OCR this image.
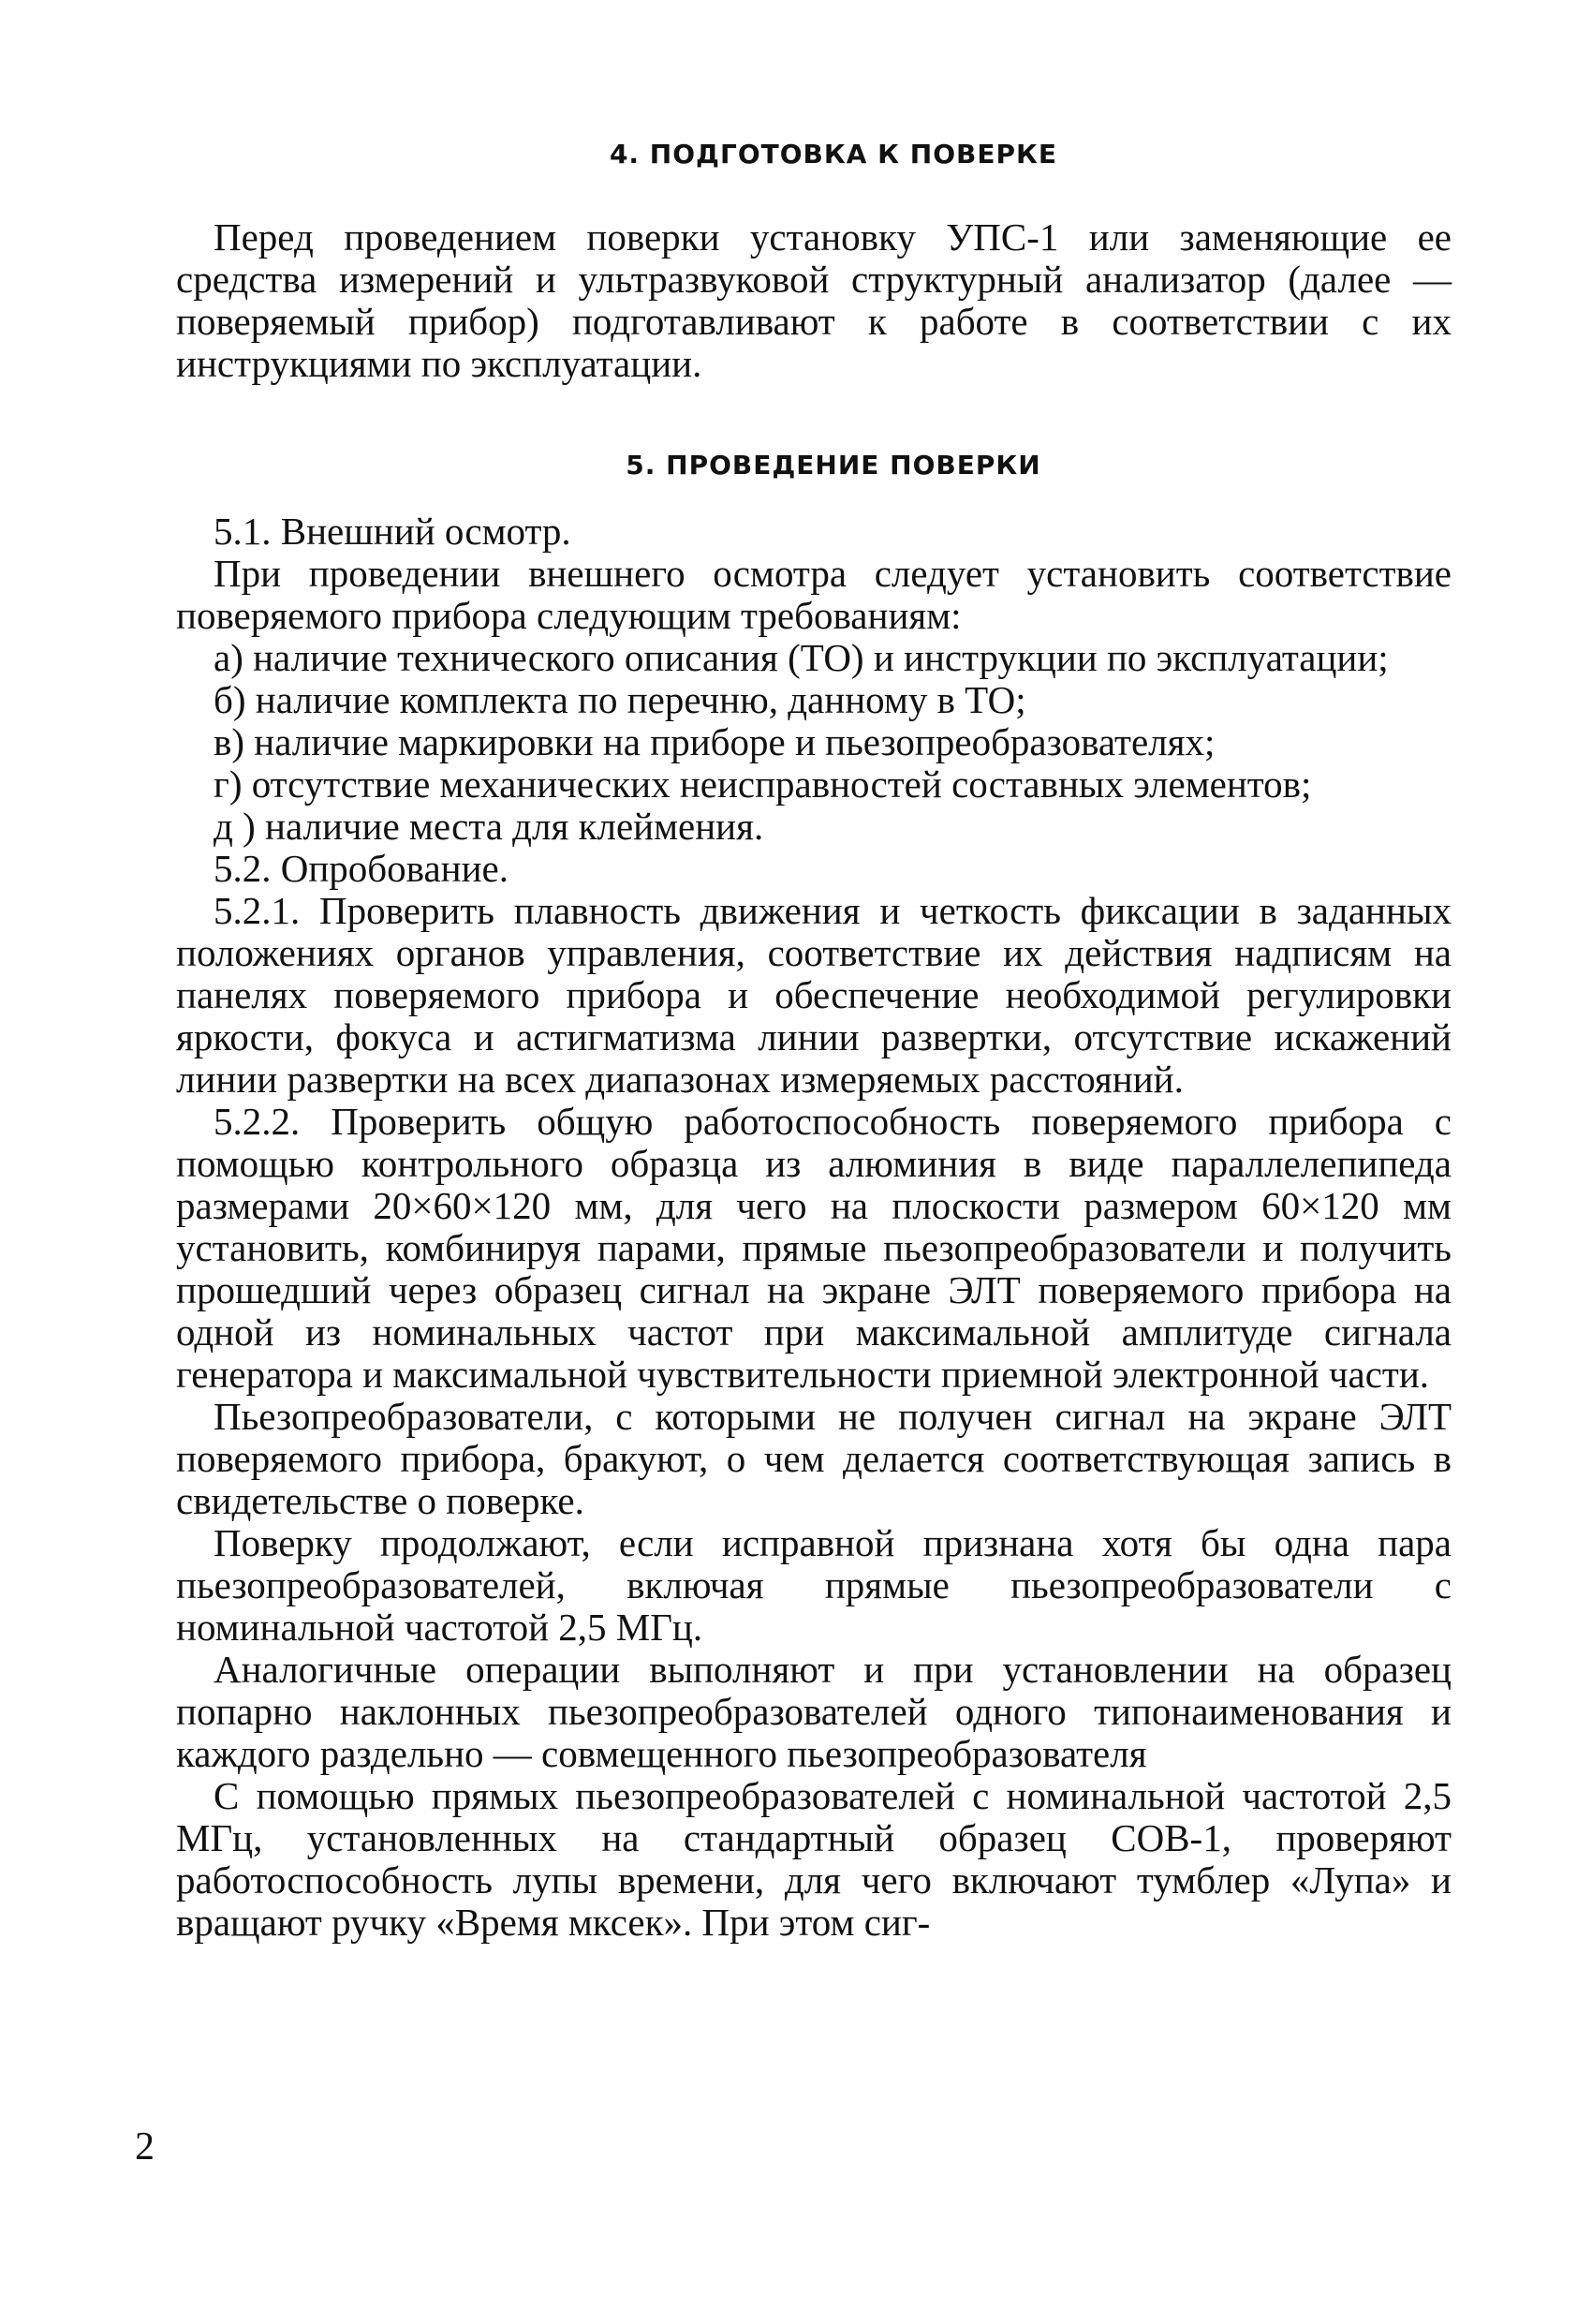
4. ПОДГОТОВКА К ПОВЕРКЕ

Перед проведением поверки установку УПС-1 или заменяющие ее средства измерений и ультразвуковой структурный анализатор (далее — поверяемый прибор) подготавливают к работе в соответствии с их инструкциями по эксплуатации.

5. ПРОВЕДЕНИЕ ПОВЕРКИ

5.1. Внешний осмотр.

При проведении внешнего осмотра следует установить соответствие поверяемого прибора следующим требованиям:

а) наличие технического описания (ТО) и инструкции по эксплуатации;

б) наличие комплекта по перечню, данному в ТО;

в) наличие маркировки на приборе и пьезопреобразователях;

г) отсутствие механических неисправностей составных элементов;

д ) наличие места для клеймения.

5.2. Опробование.

5.2.1. Проверить плавность движения и четкость фиксации в заданных положениях органов управления, соответствие их действия надписям на панелях поверяемого прибора и обеспечение необходимой регулировки яркости, фокуса и астигматизма линии развертки, отсутствие искажений линии развертки на всех диапазонах измеряемых расстояний.

5.2.2. Проверить общую работоспособность поверяемого прибора с помощью контрольного образца из алюминия в виде параллелепипеда размерами 20×60×120 мм, для чего на плоскости размером 60×120 мм установить, комбинируя парами, прямые пьезопреобразователи и получить прошедший через образец сигнал на экране ЭЛТ поверяемого прибора на одной из номинальных частот при максимальной амплитуде сигнала генератора и максимальной чувствительности приемной электронной части.

Пьезопреобразователи, с которыми не получен сигнал на экране ЭЛТ поверяемого прибора, бракуют, о чем делается соответствующая запись в свидетельстве о поверке.

Поверку продолжают, если исправной признана хотя бы одна пара пьезопреобразователей, включая прямые пьезопреобразователи с номинальной частотой 2,5 МГц.

Аналогичные операции выполняют и при установлении на образец попарно наклонных пьезопреобразователей одного типонаименования и каждого раздельно — совмещенного пьезопреобразователя

С помощью прямых пьезопреобразователей с номинальной частотой 2,5 МГц, установленных на стандартный образец СОВ-1, проверяют работоспособность лупы времени, для чего включают тумблер «Лупа» и вращают ручку «Время мксек». При этом сиг-

2
